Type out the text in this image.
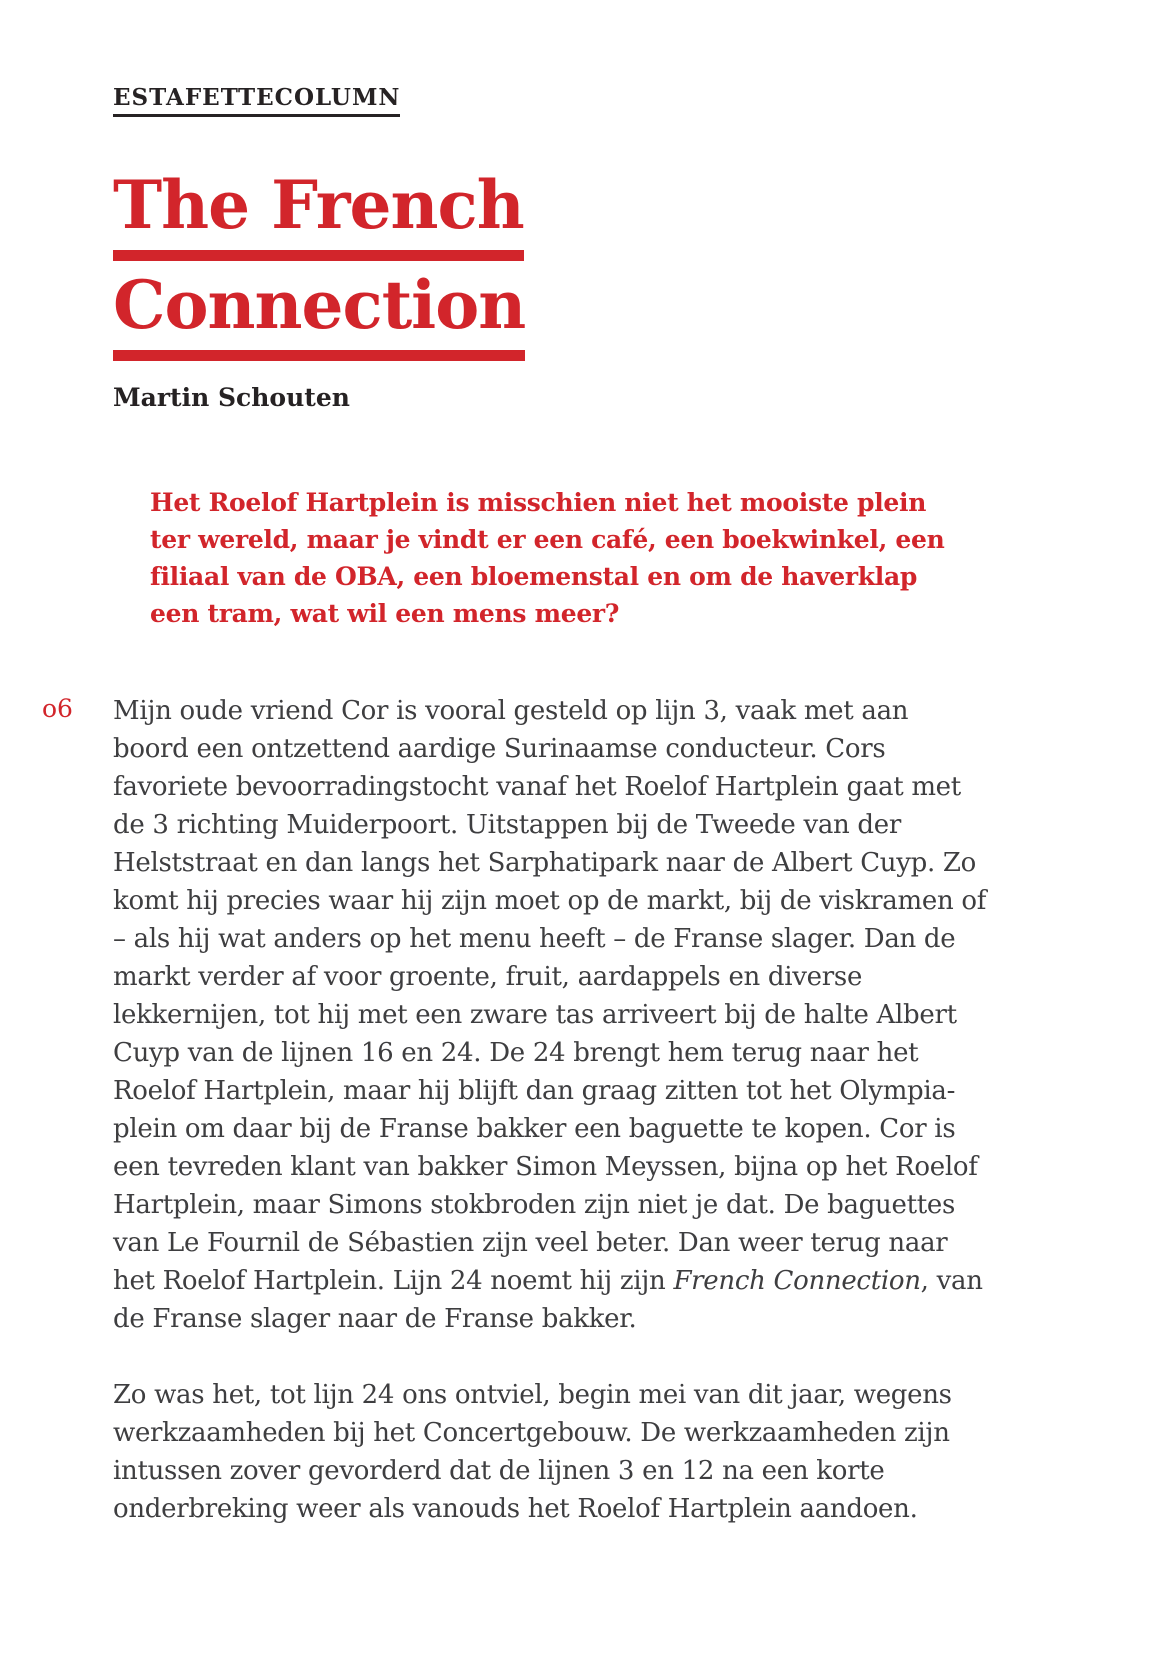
ESTAFETTECOLUMN
The French
Connection
Martin Schouten

Het Roelof Hartplein is misschien niet het mooiste plein ter wereld, maar je vindt er een café, een boekwinkel, een filiaal van de OBA, een bloemenstal en om de haverklap een tram, wat wil een mens meer?

o6 Mijn oude vriend Cor is vooral gesteld op lijn 3, vaak met aan boord een ontzettend aardige Surinaamse conducteur. Cors favoriete bevoorradingstocht vanaf het Roelof Hartplein gaat met de 3 richting Muiderpoort. Uitstappen bij de Tweede van der Helststraat en dan langs het Sarphatipark naar de Albert Cuyp. Zo komt hij precies waar hij zijn moet op de markt, bij de viskramen of – als hij wat anders op het menu heeft – de Franse slager. Dan de markt verder af voor groente, fruit, aardappels en diverse lekkernijen, tot hij met een zware tas arriveert bij de halte Albert Cuyp van de lijnen 16 en 24. De 24 brengt hem terug naar het Roelof Hartplein, maar hij blijft dan graag zitten tot het Olympia-plein om daar bij de Franse bakker een baguette te kopen. Cor is een tevreden klant van bakker Simon Meyssen, bijna op het Roelof Hartplein, maar Simons stokbroden zijn niet je dat. De baguettes van Le Fournil de Sébastien zijn veel beter. Dan weer terug naar het Roelof Hartplein. Lijn 24 noemt hij zijn French Connection, van de Franse slager naar de Franse bakker.

Zo was het, tot lijn 24 ons ontviel, begin mei van dit jaar, wegens werkzaamheden bij het Concertgebouw. De werkzaamheden zijn intussen zover gevorderd dat de lijnen 3 en 12 na een korte onderbreking weer als vanouds het Roelof Hartplein aandoen.
